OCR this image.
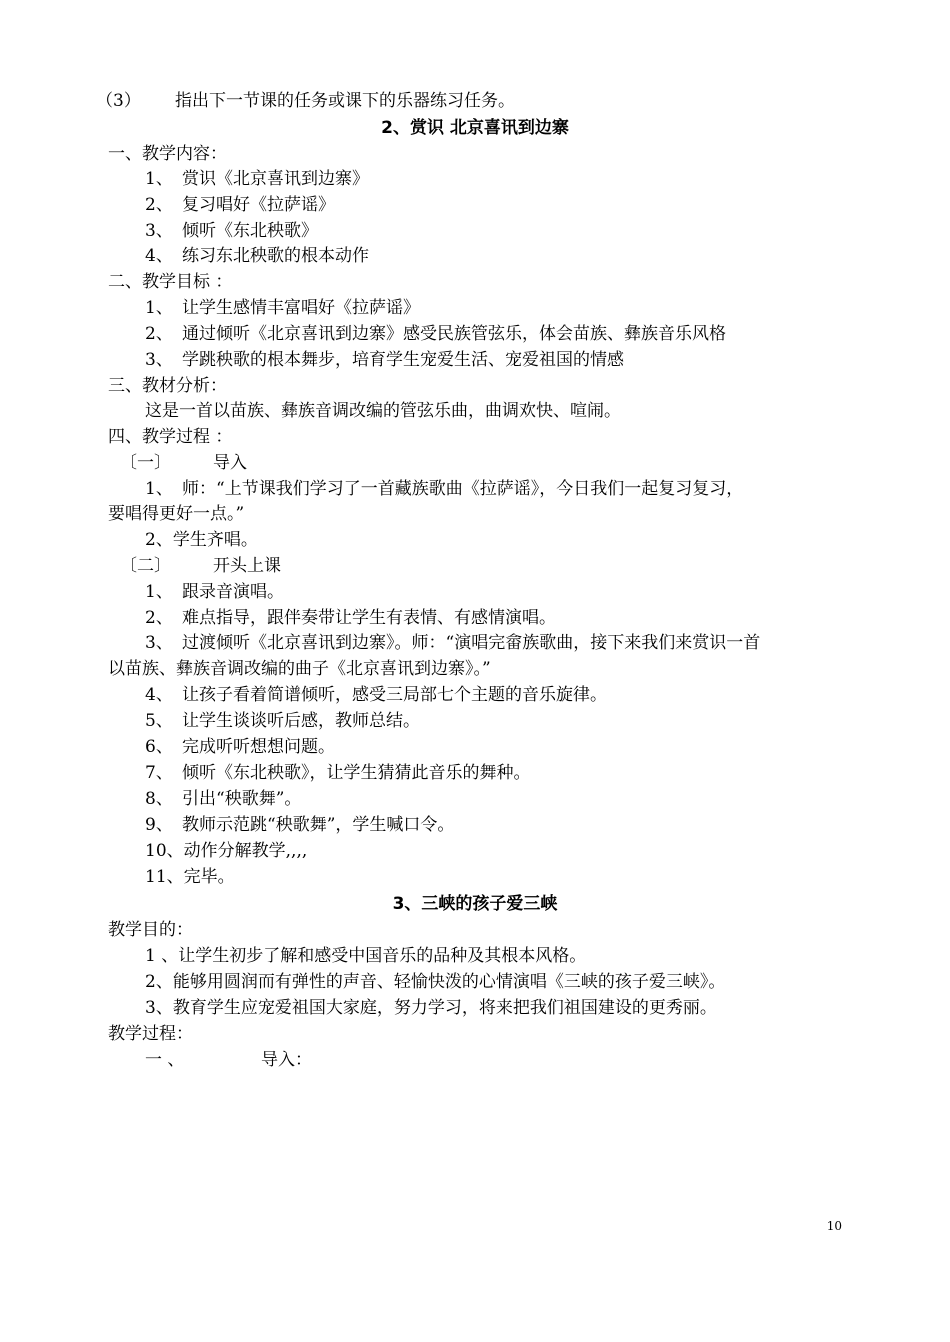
（3） 指出下一节课的任务或课下的乐器练习任务。
2、赏识 北京喜讯到边寨
一、教学内容：
1、 赏识《北京喜讯到边寨》
2、 复习唱好《拉萨谣》
3、 倾听《东北秧歌》
4、 练习东北秧歌的根本动作
二、教学目标 ：
1、 让学生感情丰富唱好《拉萨谣》
2、 通过倾听《北京喜讯到边寨》感受民族管弦乐，体会苗族、彝族音乐风格
3、 学跳秧歌的根本舞步，培育学生宠爱生活、宠爱祖国的情感
三、教材分析：
这是一首以苗族、彝族音调改编的管弦乐曲，曲调欢快、喧闹。
四、教学过程 ：
〔一〕 导入
1、 师：“上节课我们学习了一首藏族歌曲《拉萨谣》，今日我们一起复习复习，
要唱得更好一点。”
2、学生齐唱。
〔二〕 开头上课
1、 跟录音演唱。
2、 难点指导，跟伴奏带让学生有表情、有感情演唱。
3、 过渡倾听《北京喜讯到边寨》。师：“演唱完畲族歌曲，接下来我们来赏识一首
以苗族、彝族音调改编的曲子《北京喜讯到边寨》。”
4、 让孩子看着简谱倾听，感受三局部七个主题的音乐旋律。
5、 让学生谈谈听后感，教师总结。
6、 完成听听想想问题。
7、 倾听《东北秧歌》，让学生猜猜此音乐的舞种。
8、 引出“秧歌舞”。
9、 教师示范跳“秧歌舞”，学生喊口令。
10、动作分解教学,,,,
11、完毕。
3、三峡的孩子爱三峡
教学目的：
1 、让学生初步了解和感受中国音乐的品种及其根本风格。
2、能够用圆润而有弹性的声音、轻愉快泼的心情演唱《三峡的孩子爱三峡》。
3、教育学生应宠爱祖国大家庭，努力学习，将来把我们祖国建设的更秀丽。
教学过程：
一 、	导入：
10
